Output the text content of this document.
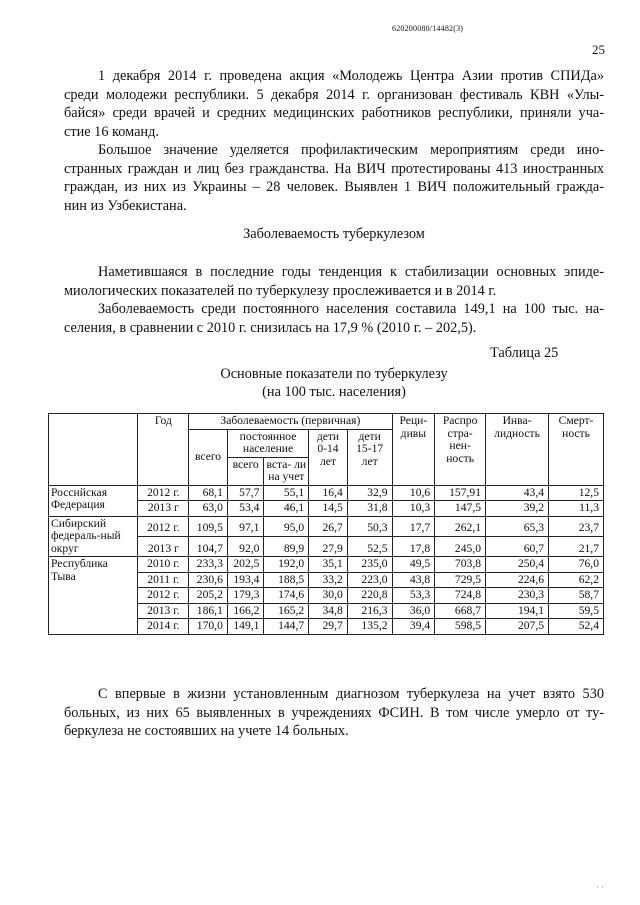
620200080/14482(3)
25

1 декабря 2014 г. проведена акция «Молодежь Центра Азии против СПИДа»
среди молодежи республики. 5 декабря 2014 г. организован фестиваль КВН «Улы-
байся» среди врачей и средних медицинских работников республики, приняли уча-
стие 16 команд.

Большое значение уделяется профилактическим мероприятиям среди ино-
странных граждан и лиц без гражданства. На ВИЧ протестированы 413 иностранных
граждан, из них из Украины – 28 человек. Выявлен 1 ВИЧ положительный гражда-
нин из Узбекистана.

Заболеваемость туберкулезом

Наметившаяся в последние годы тенденция к стабилизации основных эпиде-
миологических показателей по туберкулезу прослеживается и в 2014 г.

Заболеваемость среди постоянного населения составила 149,1 на 100 тыс. на-
селения, в сравнении с 2010 г. снизилась на 17,9 % (2010 г. – 202,5).

Таблица 25
Основные показатели по туберкулезу
(на 100 тыс. населения)
	Год	Заболеваемость (первичная)					Реци- дивы	Распро стра- нен- ность	Инва- лидность	Смерт- ность
		всего	постоянное население		дети 0-14 лет	дети 15-17 лет				
			всего	вста- ли на учет						
Российская Федерация	2012 г.	68,1	57,7	55,1	16,4	32,9	10,6	157,91	43,4	12,5
	2013 г	63,0	53,4	46,1	14,5	31,8	10,3	147,5	39,2	11,3
Сибирский федераль-ный округ	2012 г.	109,5	97,1	95,0	26,7	50,3	17,7	262,1	65,3	23,7
	2013 г	104,7	92,0	89,9	27,9	52,5	17,8	245,0	60,7	21,7
Республика Тыва	2010 г.	233,3	202,5	192,0	35,1	235,0	49,5	703,8	250,4	76,0
	2011 г.	230,6	193,4	188,5	33,2	223,0	43,8	729,5	224,6	62,2
	2012 г.	205,2	179,3	174,6	30,0	220,8	53,3	724,8	230,3	58,7
	2013 г.	186,1	166,2	165,2	34,8	216,3	36,0	668,7	194,1	59,5
	2014 г.	170,0	149,1	144,7	29,7	135,2	39,4	598,5	207,5	52,4

С впервые в жизни установленным диагнозом туберкулеза на учет взято 530
больных, из них 65 выявленных в учреждениях ФСИН. В том числе умерло от ту-
беркулеза не состоявших на учете 14 больных.

· ·
